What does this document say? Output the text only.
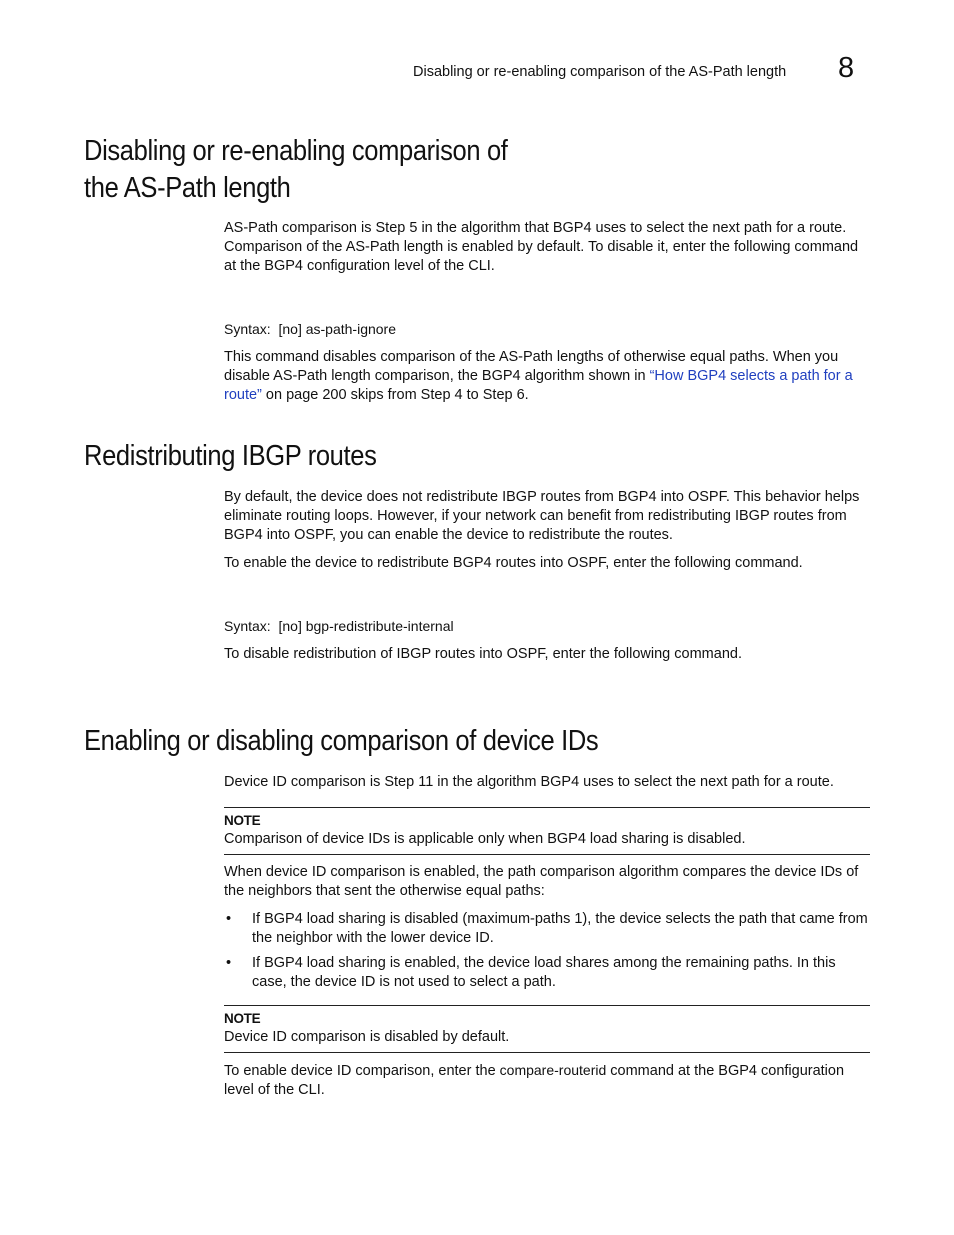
Disabling or re-enabling comparison of the AS-Path length 8
Disabling or re-enabling comparison of
the AS-Path length

AS-Path comparison is Step 5 in the algorithm that BGP4 uses to select the next path for a route. Comparison of the AS-Path length is enabled by default. To disable it, enter the following command at the BGP4 configuration level of the CLI.

Syntax:  [no] as-path-ignore

This command disables comparison of the AS-Path lengths of otherwise equal paths. When you disable AS-Path length comparison, the BGP4 algorithm shown in “How BGP4 selects a path for a route” on page 200 skips from Step 4 to Step 6.

Redistributing IBGP routes

By default, the device does not redistribute IBGP routes from BGP4 into OSPF. This behavior helps eliminate routing loops. However, if your network can benefit from redistributing IBGP routes from BGP4 into OSPF, you can enable the device to redistribute the routes.

To enable the device to redistribute BGP4 routes into OSPF, enter the following command.

Syntax:  [no] bgp-redistribute-internal

To disable redistribution of IBGP routes into OSPF, enter the following command.

Enabling or disabling comparison of device IDs

Device ID comparison is Step 11 in the algorithm BGP4 uses to select the next path for a route.

NOTE
Comparison of device IDs is applicable only when BGP4 load sharing is disabled.

When device ID comparison is enabled, the path comparison algorithm compares the device IDs of the neighbors that sent the otherwise equal paths:

• If BGP4 load sharing is disabled (maximum-paths 1), the device selects the path that came from the neighbor with the lower device ID.
• If BGP4 load sharing is enabled, the device load shares among the remaining paths. In this case, the device ID is not used to select a path.
NOTE
Device ID comparison is disabled by default.

To enable device ID comparison, enter the compare-routerid command at the BGP4 configuration level of the CLI.
